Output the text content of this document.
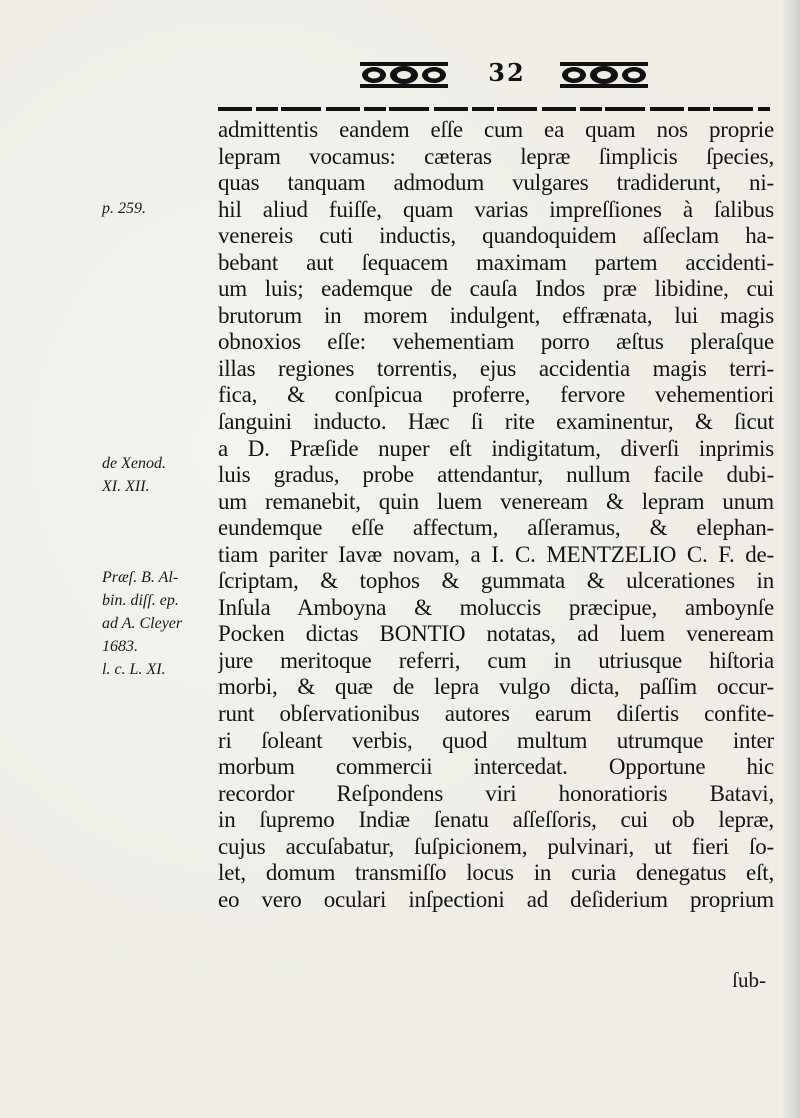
32
p. 259.
de Xenod.
XI. XII.
Præſ. B. Al-
bin. diſſ. ep.
ad A. Cleyer
1683.
l. c. L. XI.
admittentis eandem eſſe cum ea quam nos proprie
lepram vocamus: cæteras lepræ ſimplicis ſpecies,
quas tanquam admodum vulgares tradiderunt, ni-
hil aliud fuiſſe, quam varias impreſſiones à ſalibus
venereis cuti inductis, quandoquidem aſſeclam ha-
bebant aut ſequacem maximam partem accidenti-
um luis; eademque de cauſa Indos præ libidine, cui
brutorum in morem indulgent, effrænata, lui magis
obnoxios eſſe: vehementiam porro æſtus pleraſque
illas regiones torrentis, ejus accidentia magis terri-
fica, & conſpicua proferre, fervore vehementiori
ſanguini inducto. Hæc ſi rite examinentur, & ſicut
a D. Præſide nuper eſt indigitatum, diverſi inprimis
luis gradus, probe attendantur, nullum facile dubi-
um remanebit, quin luem veneream & lepram unum
eundemque eſſe affectum, aſſeramus, & elephan-
tiam pariter Iavæ novam, a I. C. MENTZELIO C. F. de-
ſcriptam, & tophos & gummata & ulcerationes in
Inſula Amboyna & moluccis præcipue, amboynſe
Pocken dictas BONTIO notatas, ad luem veneream
jure meritoque referri, cum in utriusque hiſtoria
morbi, & quæ de lepra vulgo dicta, paſſim occur-
runt obſervationibus autores earum diſertis confite-
ri ſoleant verbis, quod multum utrumque inter
morbum commercii intercedat. Opportune hic
recordor Reſpondens viri honoratioris Batavi,
in ſupremo Indiæ ſenatu aſſeſſoris, cui ob lepræ,
cujus accuſabatur, ſuſpicionem, pulvinari, ut fieri ſo-
let, domum transmiſſo locus in curia denegatus eſt,
eo vero oculari inſpectioni ad deſiderium proprium
ſub-
